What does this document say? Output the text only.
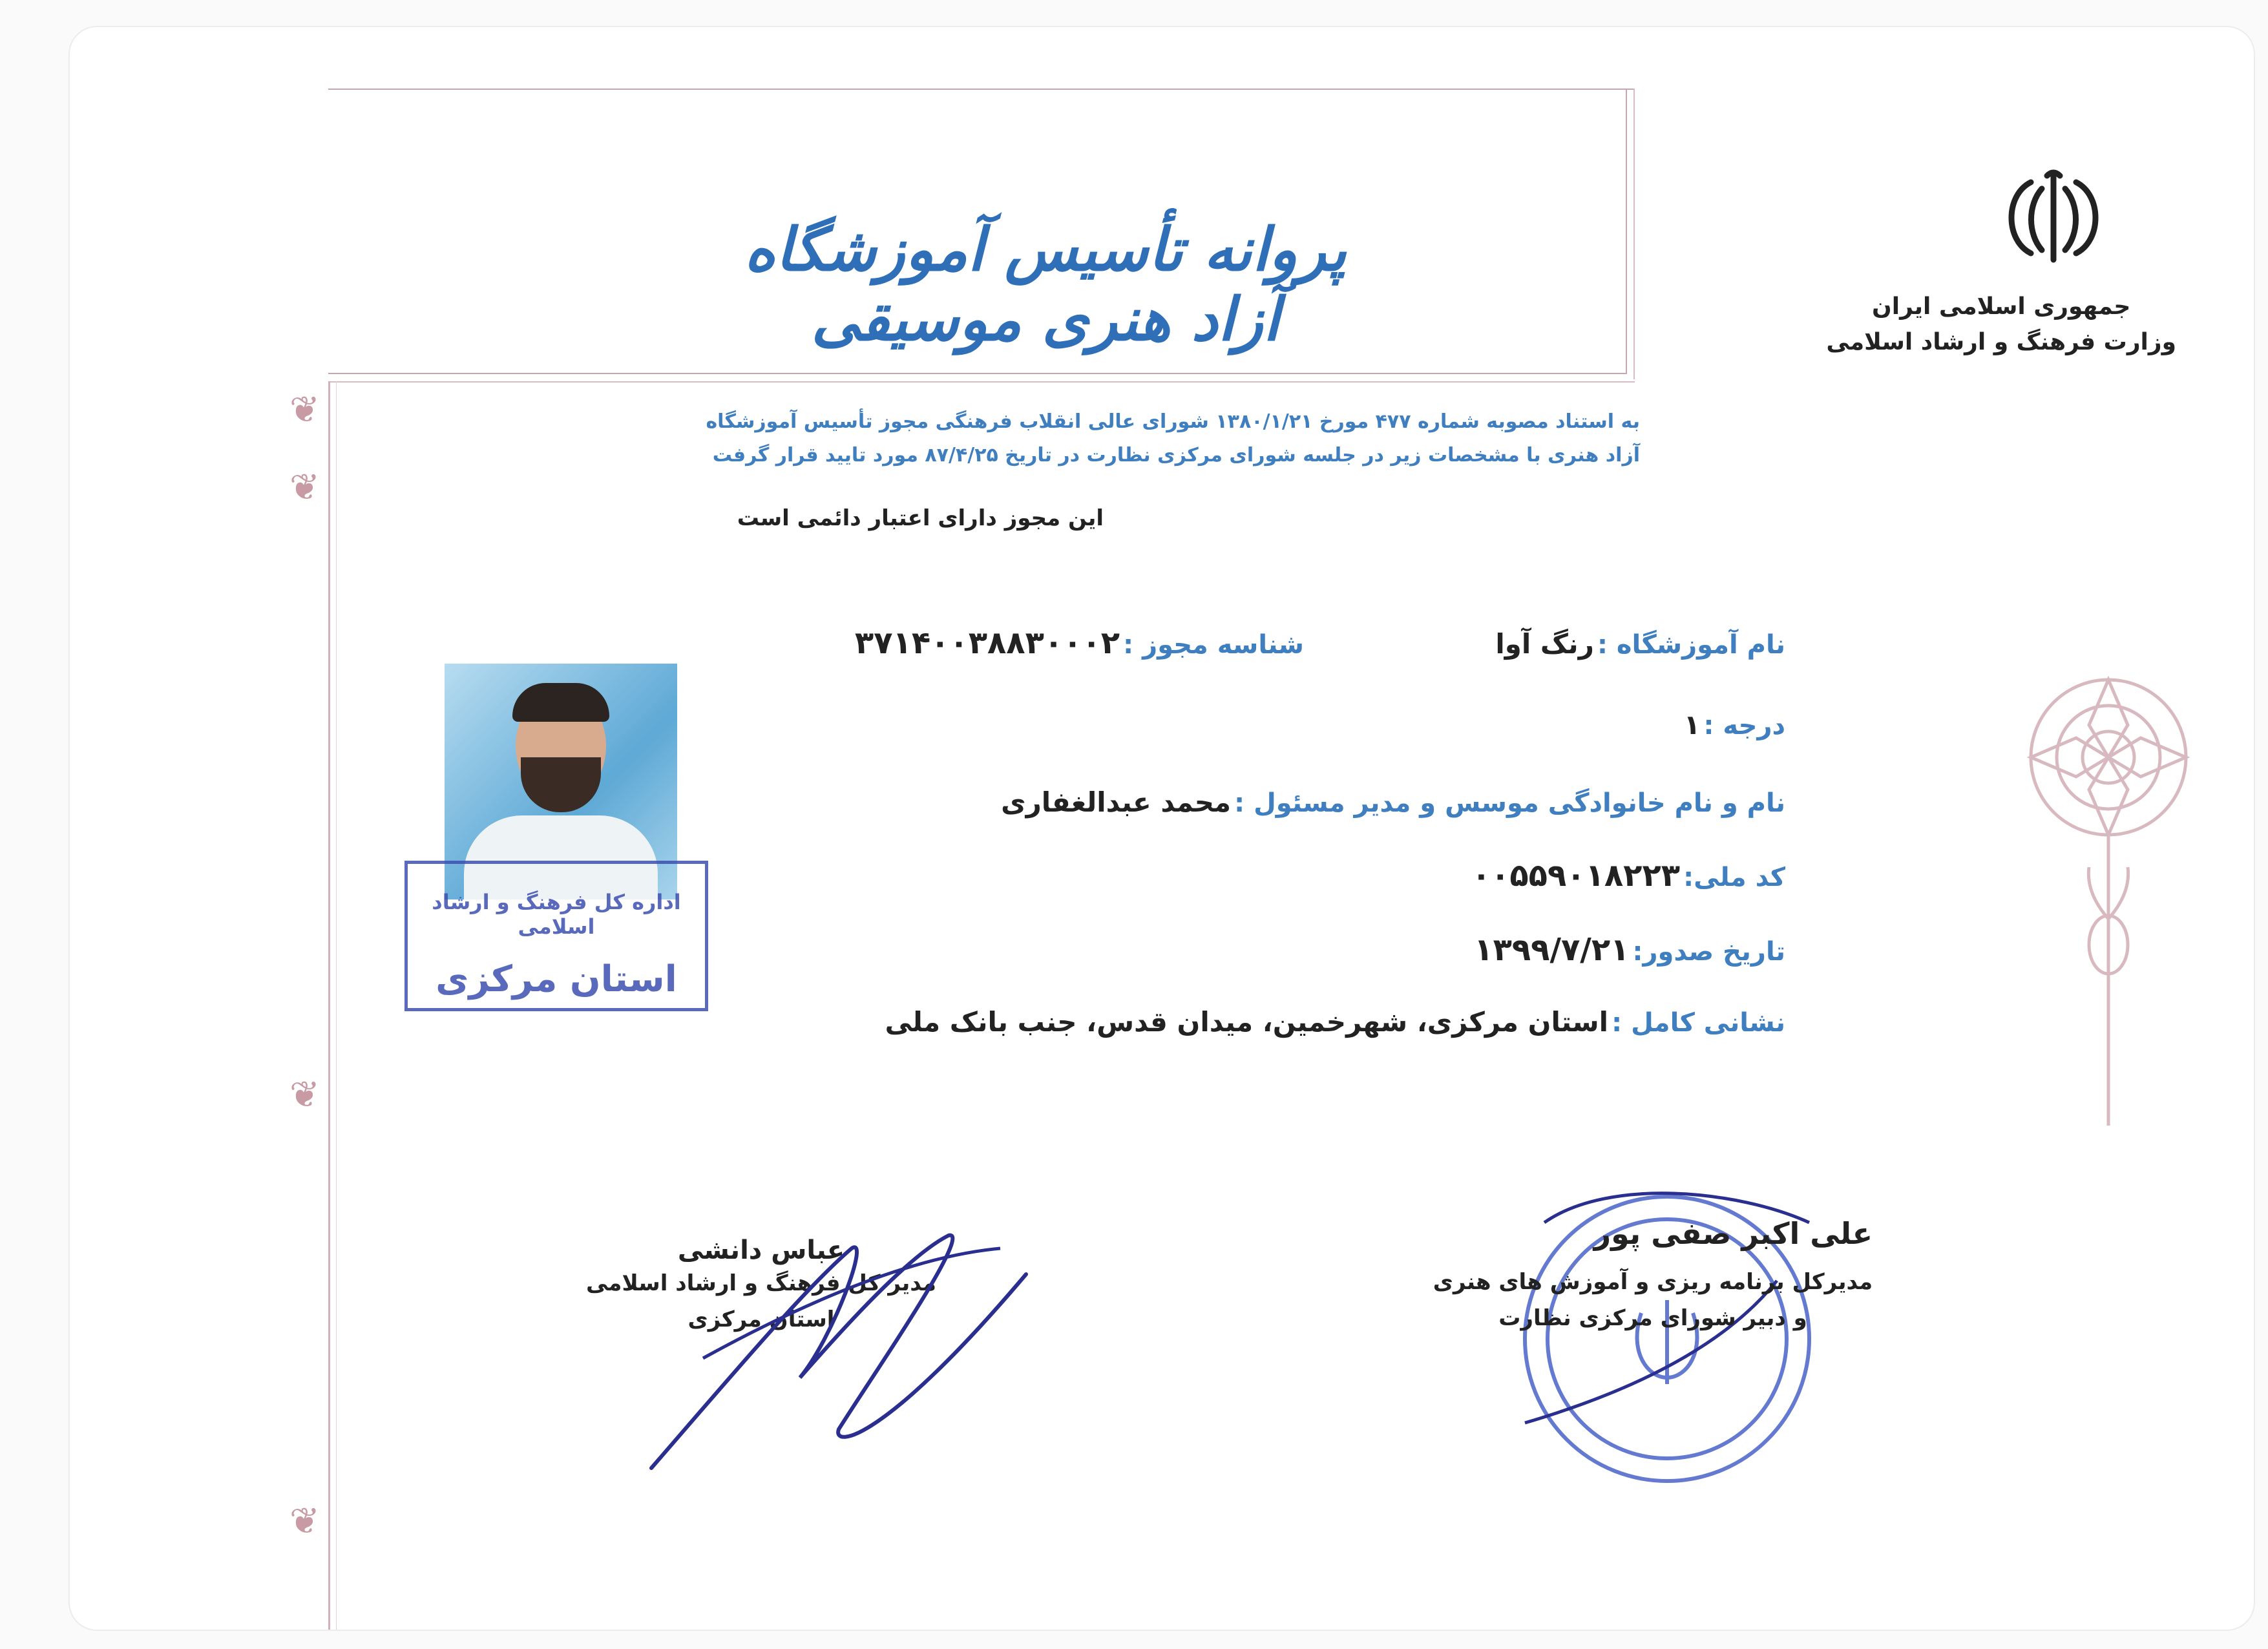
❦
❦
❦
❦
جمهوری اسلامی ایران
وزارت فرهنگ و ارشاد اسلامی
پروانه تأسیس آموزشگاه آزاد هنری موسیقی
به استناد مصوبه شماره ۴۷۷ مورخ ۱۳۸۰/۱/۲۱ شورای عالی انقلاب فرهنگی مجوز تأسیس آموزشگاه
آزاد هنری با مشخصات زیر در جلسه شورای مرکزی نظارت در تاریخ ۸۷/۴/۲۵ مورد تایید قرار گرفت
این مجوز دارای اعتبار دائمی است
نام آموزشگاه : رنگ آوا
شناسه مجوز : ۳۷۱۴۰۰۳۸۸۳۰۰۰۲
درجه : ۱
نام و نام خانوادگی موسس و مدیر مسئول : محمد عبدالغفاری
کد ملی: ۰۰۵۵۹۰۱۸۲۲۳
تاریخ صدور: ۱۳۹۹/۷/۲۱
نشانی کامل : استان مرکزی، شهرخمین، میدان قدس، جنب بانک ملی
اداره کل فرهنگ و ارشاد اسلامی
استان مرکزی
عباس دانشی
مدیر کل فرهنگ و ارشاد اسلامی
استان مرکزی
علی اکبر صفی پور
مدیرکل برنامه ریزی و آموزش های هنری
و دبیر شورای مرکزی نظارت
